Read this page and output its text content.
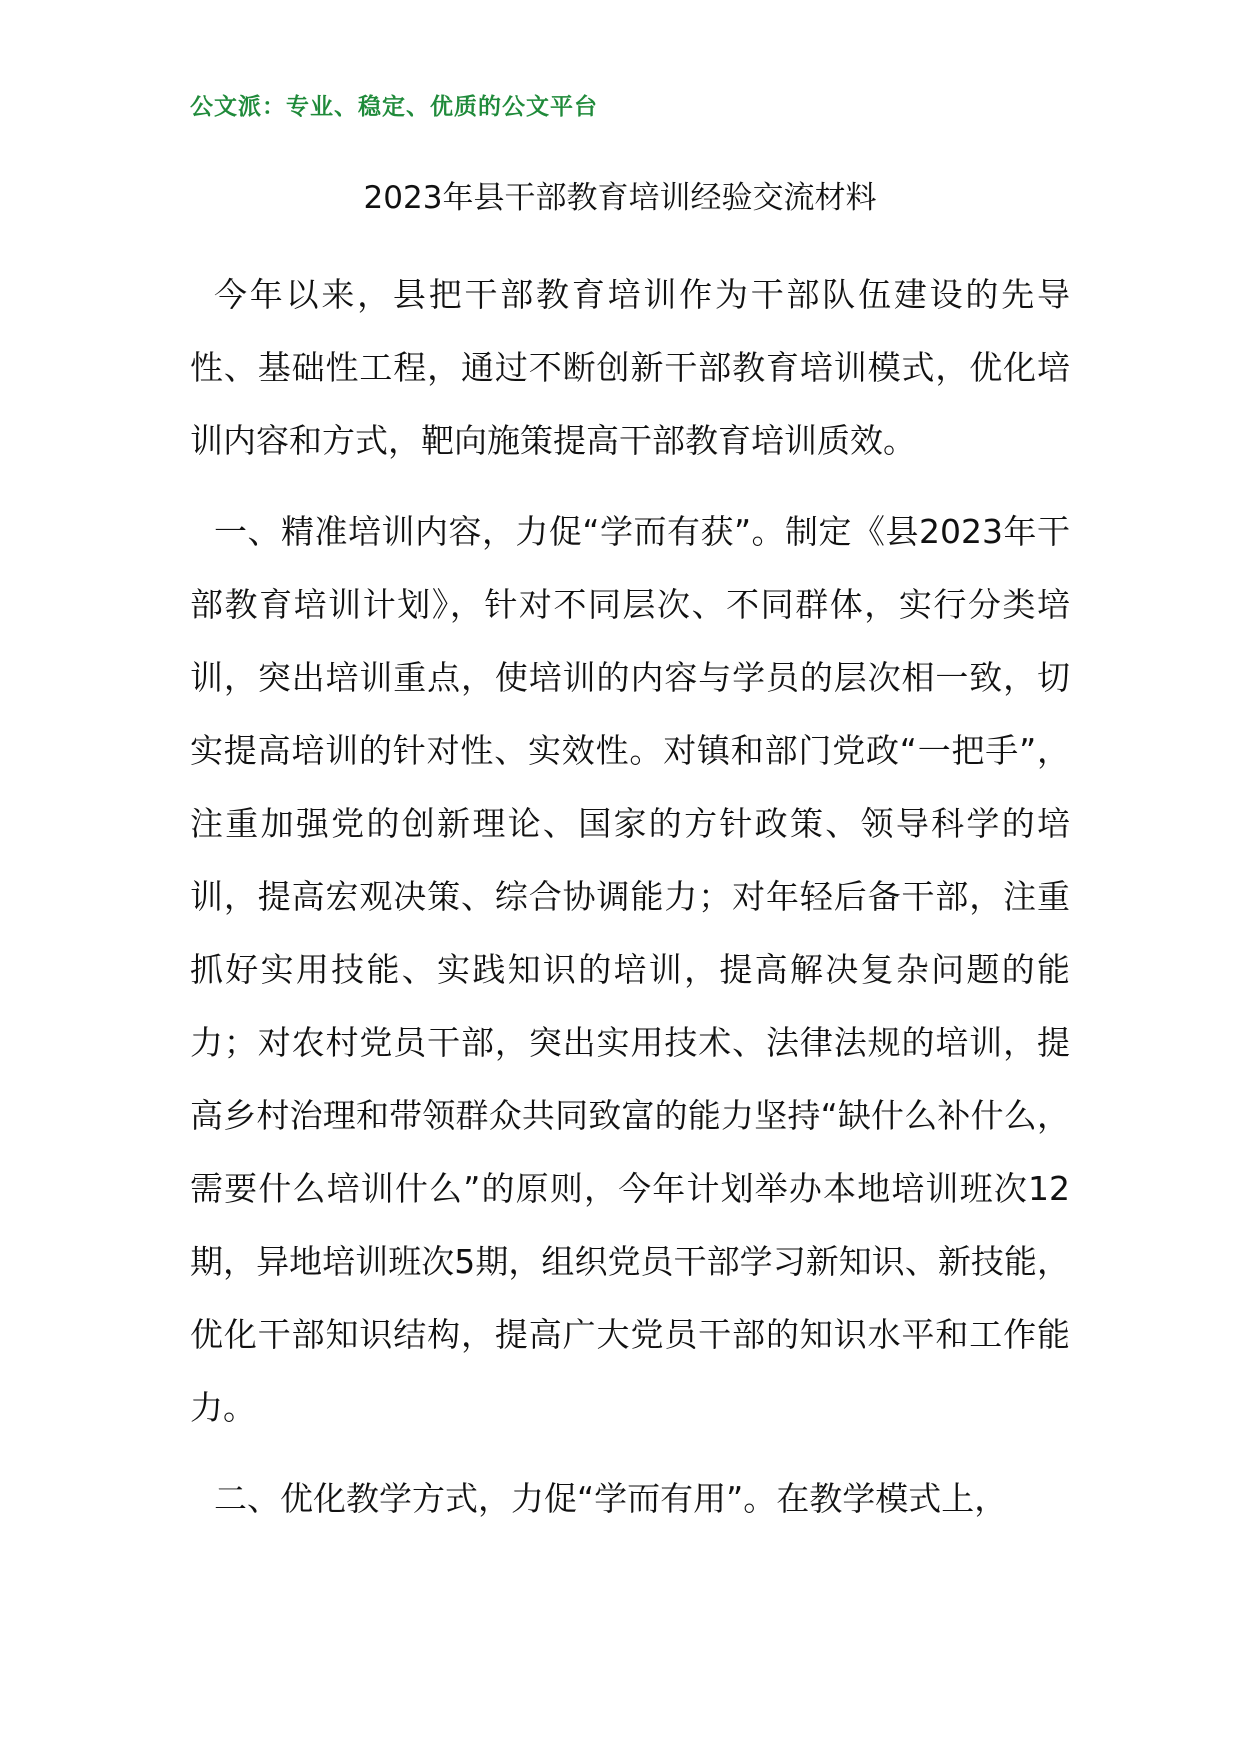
公文派：专业、稳定、优质的公文平台
2023年县干部教育培训经验交流材料

今年以来，县把干部教育培训作为干部队伍建设的先导性、基础性工程，通过不断创新干部教育培训模式，优化培训内容和方式，靶向施策提高干部教育培训质效。

一、精准培训内容，力促“学而有获”。制定《县2023年干部教育培训计划》，针对不同层次、不同群体，实行分类培训，突出培训重点，使培训的内容与学员的层次相一致，切实提高培训的针对性、实效性。对镇和部门党政“一把手”，注重加强党的创新理论、国家的方针政策、领导科学的培训，提高宏观决策、综合协调能力；对年轻后备干部，注重抓好实用技能、实践知识的培训，提高解决复杂问题的能力；对农村党员干部，突出实用技术、法律法规的培训，提高乡村治理和带领群众共同致富的能力坚持“缺什么补什么，需要什么培训什么”的原则，今年计划举办本地培训班次12期，异地培训班次5期，组织党员干部学习新知识、新技能，优化干部知识结构，提高广大党员干部的知识水平和工作能力。

二、优化教学方式，力促“学而有用”。在教学模式上，
